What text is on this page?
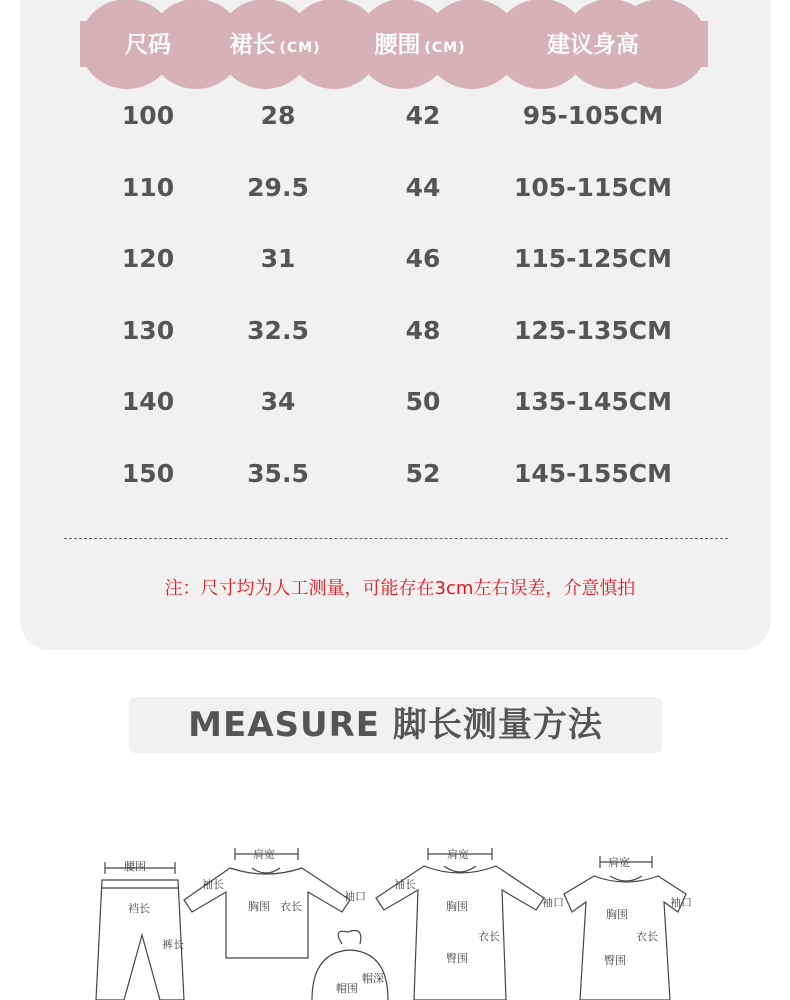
尺码	裙长 (CM)	腰围 (CM)	建议身高
100	28	42	95-105CM
110	29.5	44	105-115CM
120	31	46	115-125CM
130	32.5	48	125-135CM
140	34	50	135-145CM
150	35.5	52	145-155CM
注：尺寸均为人工测量，可能存在3cm左右误差，介意慎拍
MEASURE 脚长测量方法
腰围
裆长
裤长
肩宽
袖长
胸围 衣长
袖口
帽深
帽围
肩宽
袖长
胸围
衣长
臀围
袖口
肩宽
胸围
衣长
臀围
袖口
